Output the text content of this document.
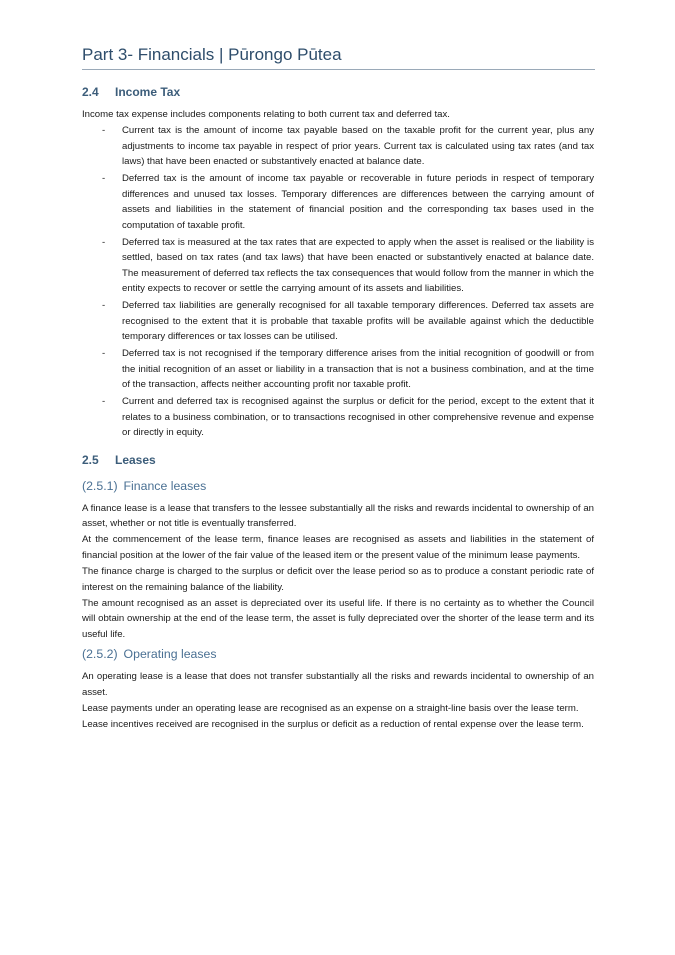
Part 3- Financials | Pūrongo Pūtea
2.4 Income Tax

Income tax expense includes components relating to both current tax and deferred tax.

- Current tax is the amount of income tax payable based on the taxable profit for the current year, plus any adjustments to income tax payable in respect of prior years. Current tax is calculated using tax rates (and tax laws) that have been enacted or substantively enacted at balance date.
- Deferred tax is the amount of income tax payable or recoverable in future periods in respect of temporary differences and unused tax losses. Temporary differences are differences between the carrying amount of assets and liabilities in the statement of financial position and the corresponding tax bases used in the computation of taxable profit.
- Deferred tax is measured at the tax rates that are expected to apply when the asset is realised or the liability is settled, based on tax rates (and tax laws) that have been enacted or substantively enacted at balance date. The measurement of deferred tax reflects the tax consequences that would follow from the manner in which the entity expects to recover or settle the carrying amount of its assets and liabilities.
- Deferred tax liabilities are generally recognised for all taxable temporary differences. Deferred tax assets are recognised to the extent that it is probable that taxable profits will be available against which the deductible temporary differences or tax losses can be utilised.
- Deferred tax is not recognised if the temporary difference arises from the initial recognition of goodwill or from the initial recognition of an asset or liability in a transaction that is not a business combination, and at the time of the transaction, affects neither accounting profit nor taxable profit.
- Current and deferred tax is recognised against the surplus or deficit for the period, except to the extent that it relates to a business combination, or to transactions recognised in other comprehensive revenue and expense or directly in equity.
2.5 Leases
(2.5.1) Finance leases

A finance lease is a lease that transfers to the lessee substantially all the risks and rewards incidental to ownership of an asset, whether or not title is eventually transferred.

At the commencement of the lease term, finance leases are recognised as assets and liabilities in the statement of financial position at the lower of the fair value of the leased item or the present value of the minimum lease payments.

The finance charge is charged to the surplus or deficit over the lease period so as to produce a constant periodic rate of interest on the remaining balance of the liability.

The amount recognised as an asset is depreciated over its useful life. If there is no certainty as to whether the Council will obtain ownership at the end of the lease term, the asset is fully depreciated over the shorter of the lease term and its useful life.

(2.5.2) Operating leases

An operating lease is a lease that does not transfer substantially all the risks and rewards incidental to ownership of an asset.

Lease payments under an operating lease are recognised as an expense on a straight-line basis over the lease term.

Lease incentives received are recognised in the surplus or deficit as a reduction of rental expense over the lease term.
